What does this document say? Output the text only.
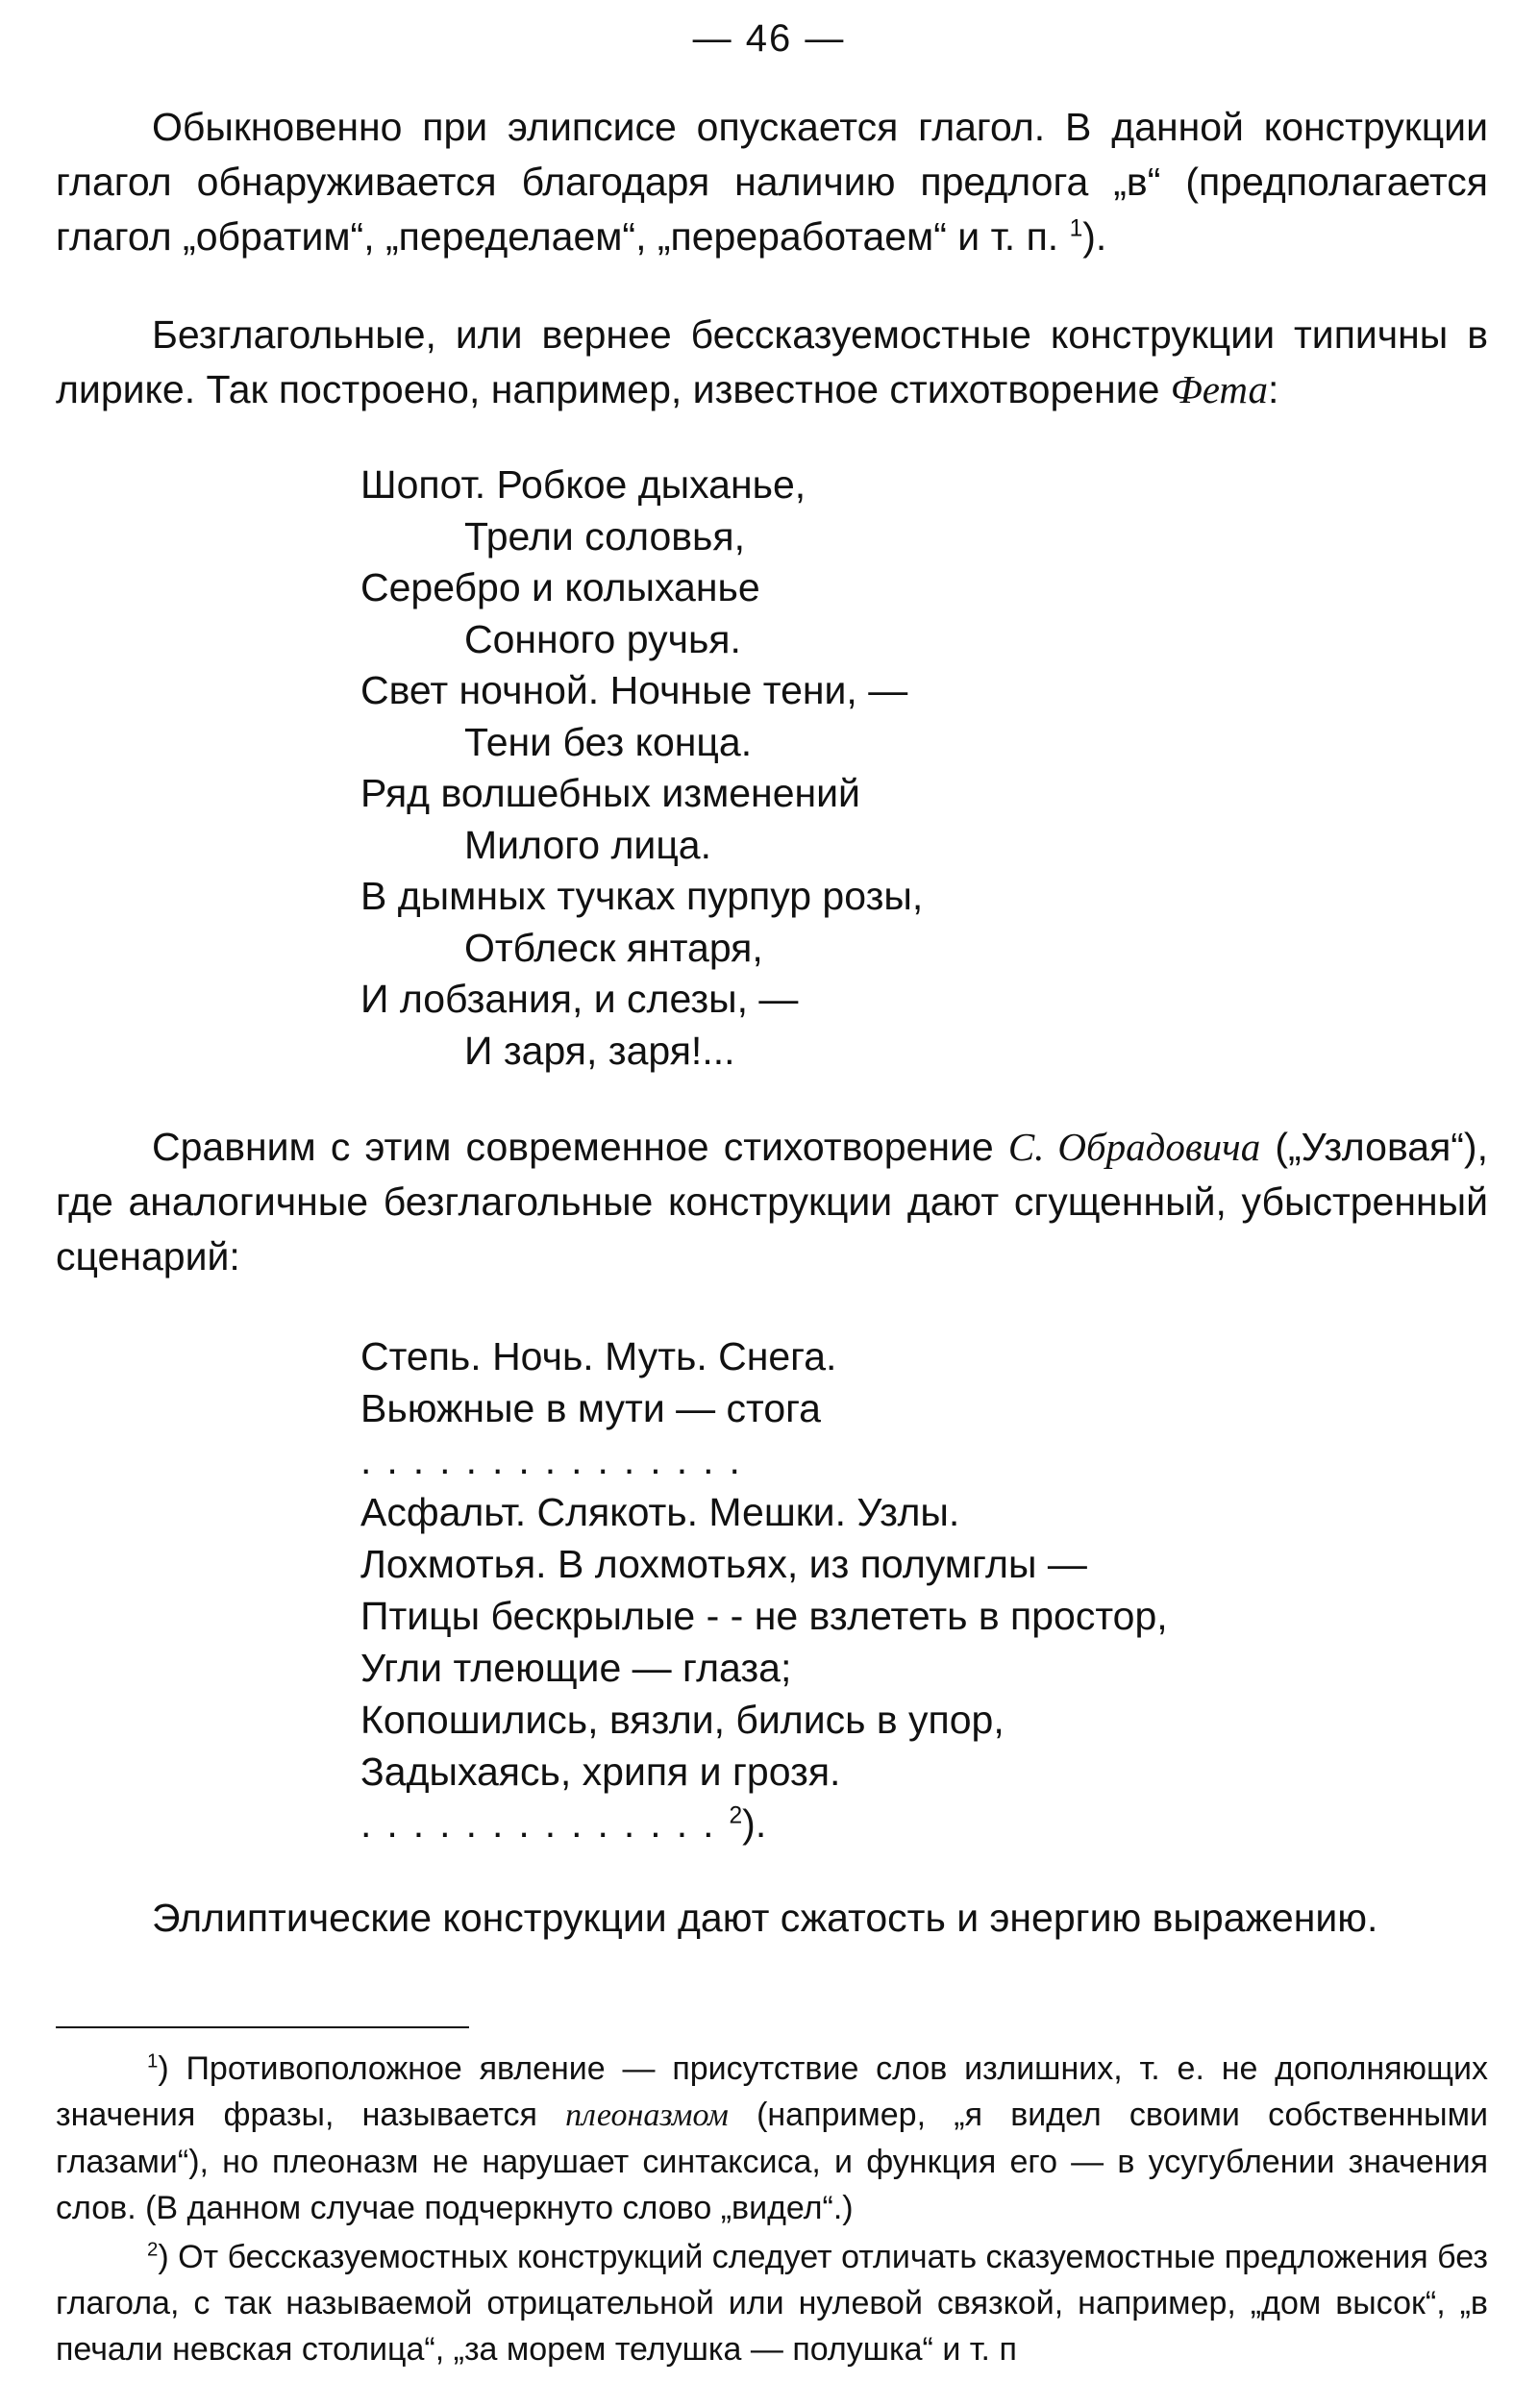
— 46 —

Обыкновенно при элипсисе опускается глагол. В данной конструкции глагол обнаруживается благодаря наличию предлога „в“ (предполагается глагол „обратим“, „переделаем“, „переработаем“ и т. п. $^1$).

Безглагольные, или вернее бессказуемостные конструкции типичны в лирике. Так построено, например, известное стихотворение Фета:

Шопот. Робкое дыханье,
Трели соловья,
Серебро и колыханье
Сонного ручья.
Свет ночной. Ночные тени, —
Тени без конца.
Ряд волшебных изменений
Милого лица.
В дымных тучках пурпур розы,
Отблеск янтаря,
И лобзания, и слезы, —
И заря, заря!...

Сравним с этим современное стихотворение С. Обрадовича („Узловая“), где аналогичные безглагольные конструкции дают сгущенный, убыстренный сценарий:

Степь. Ночь. Муть. Снега.
Вьюжные в мути — стога
...............
Асфальт. Слякоть. Мешки. Узлы.
Лохмотья. В лохмотьях, из полумглы —
Птицы бескрылые - - не взлететь в простор,
Угли тлеющие — глаза;
Копошились, вязли, бились в упор,
Задыхаясь, хрипя и грозя.
..............$^2$).

Эллиптические конструкции дают сжатость и энергию выражению.

$^1$) Противоположное явление — присутствие слов излишних, т. е. не дополняющих значения фразы, называется плеоназмом (например, „я видел своими собственными глазами“), но плеоназм не нарушает синтаксиса, и функция его — в усугублении значения слов. (В данном случае подчеркнуто слово „видел“.)

$^2$) От бессказуемостных конструкций следует отличать сказуемостные предложения без глагола, с так называемой отрицательной или нулевой связкой, например, „дом высок“, „в печали невская столица“, „за морем телушка — полушка“ и т. п
